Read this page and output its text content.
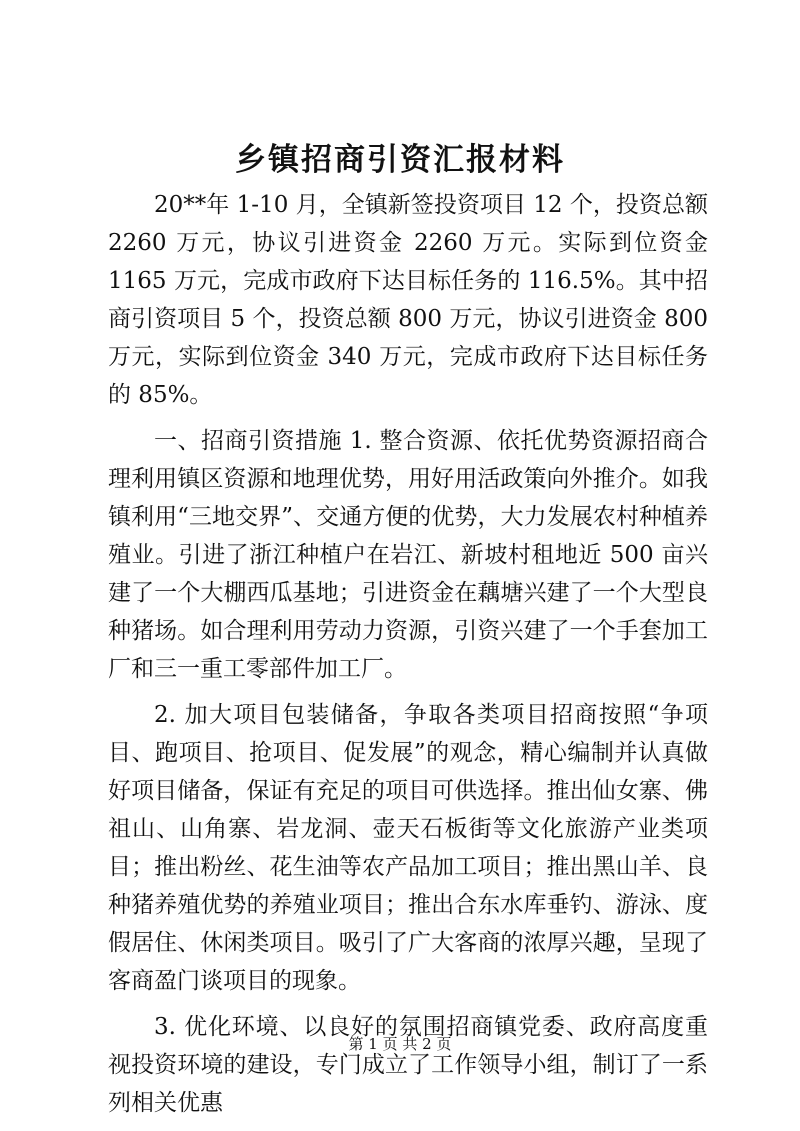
乡镇招商引资汇报材料

20**年 1-10 月，全镇新签投资项目 12 个，投资总额 2260 万元，协议引进资金 2260 万元。实际到位资金 1165 万元，完成市政府下达目标任务的 116.5%。其中招商引资项目 5 个，投资总额 800 万元，协议引进资金 800 万元，实际到位资金 340 万元，完成市政府下达目标任务的 85%。

一、招商引资措施 1. 整合资源、依托优势资源招商合理利用镇区资源和地理优势，用好用活政策向外推介。如我镇利用“三地交界”、交通方便的优势，大力发展农村种植养殖业。引进了浙江种植户在岩江、新坡村租地近 500 亩兴建了一个大棚西瓜基地；引进资金在藕塘兴建了一个大型良种猪场。如合理利用劳动力资源，引资兴建了一个手套加工厂和三一重工零部件加工厂。

2. 加大项目包装储备，争取各类项目招商按照“争项目、跑项目、抢项目、促发展”的观念，精心编制并认真做好项目储备，保证有充足的项目可供选择。推出仙女寨、佛祖山、山角寨、岩龙洞、壶天石板街等文化旅游产业类项目；推出粉丝、花生油等农产品加工项目；推出黑山羊、良种猪养殖优势的养殖业项目；推出合东水库垂钓、游泳、度假居住、休闲类项目。吸引了广大客商的浓厚兴趣，呈现了客商盈门谈项目的现象。

3. 优化环境、以良好的氛围招商镇党委、政府高度重视投资环境的建设，专门成立了工作领导小组，制订了一系列相关优惠

第 1 页 共 2 页
